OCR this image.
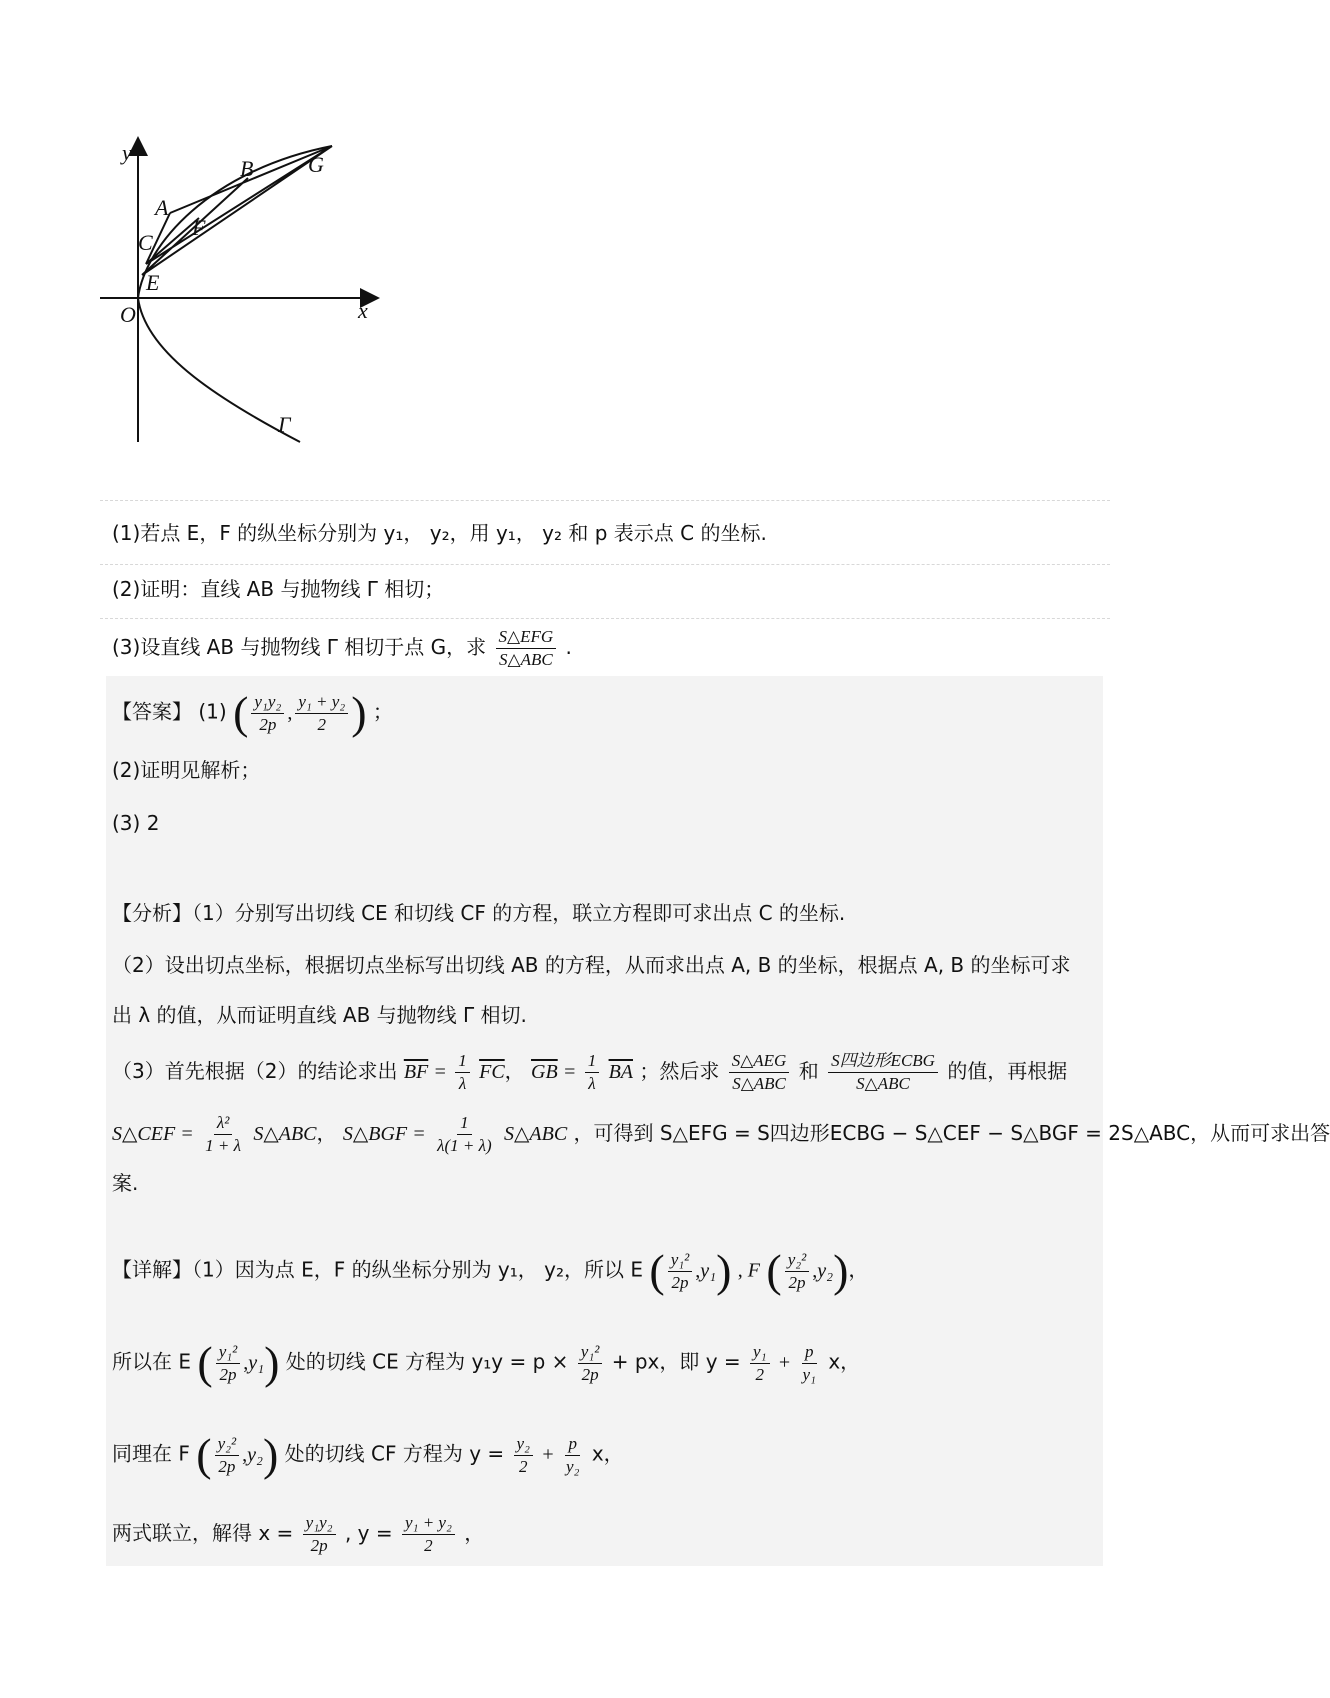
y
x
O
A
B
C
E
F
G
Γ
(1)若点 E，F 的纵坐标分别为 y₁， y₂，用 y₁， y₂ 和 p 表示点 C 的坐标.
(2)证明：直线 AB 与抛物线 Γ 相切；
(3)设直线 AB 与抛物线 Γ 相切于点 G，求 $\frac{\text{S△EFG}}{\text{S△ABC}}$ .
【答案】 (1) ( $\frac{\text{y₁y₂}}{2p}$ , $\frac{\text{y₁ + y₂}}{2}$ ) ；
(2)证明见解析；
(3) 2
【分析】（1）分别写出切线 CE 和切线 CF 的方程，联立方程即可求出点 C 的坐标.
（2）设出切点坐标，根据切点坐标写出切线 AB 的方程，从而求出点 A, B 的坐标，根据点 A, B 的坐标可求
出 λ 的值，从而证明直线 AB 与抛物线 Γ 相切.
（3）首先根据（2）的结论求出 $\overline{BF} = \frac{1}{\lambda} \overline{FC}$， $\overline{GB} = \frac{1}{\lambda} \overline{BA}$ ；然后求 $\frac{\text{S△AEG}}{\text{S△ABC}}$ 和 $\frac{\text{S四边形ECBG}}{\text{S△ABC}}$ 的值，再根据
S△CEF = $\frac{\text{λ²}}{1 + \lambda}$ S△ABC， S△BGF = $\frac{1}{\lambda(1 + \lambda)}$ S△ABC ，可得到 S△EFG = S四边形ECBG − S△CEF − S△BGF = 2S△ABC，从而可求出答
案.
【详解】（1）因为点 E，F 的纵坐标分别为 y₁， y₂，所以 E ( $\frac{\text{y₁²}}{2p}$ , y₁ ) , F ( $\frac{\text{y₂²}}{2p}$ , y₂ ) ，
所以在 E ( $\frac{\text{y₁²}}{2p}$ , y₁ ) 处的切线 CE 方程为 $y_1y = p \times \frac{\text{y₁²}}{2p}$ + px，即 $y = \frac{\text{y₁}}{2} + \frac{p}{\text{y₁}}$ x，
同理在 F ( $\frac{\text{y₂²}}{2p}$ , y₂ ) 处的切线 CF 方程为 $y = \frac{\text{y₂}}{2} + \frac{p}{\text{y₂}}$ x，
两式联立，解得 $x = \frac{\text{y₁y₂}}{2p}$ , $y = \frac{\text{y₁ + y₂}}{2}$ ，
